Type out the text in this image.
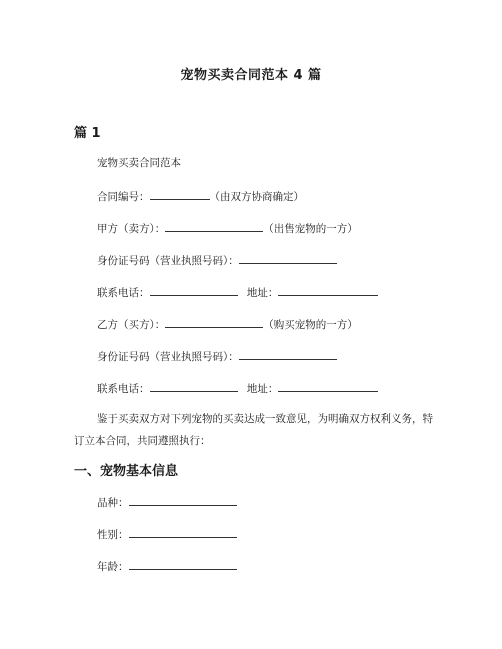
宠物买卖合同范本 4 篇
篇 1
宠物买卖合同范本
合同编号：	（由双方协商确定）
甲方（卖方）：	（出售宠物的一方）
身份证号码（营业执照号码）：
联系电话：	地址：
乙方（买方）：	（购买宠物的一方）
身份证号码（营业执照号码）：
联系电话：	地址：
鉴于买卖双方对下列宠物的买卖达成一致意见，为明确双方权利义务，特订立本合同，共同遵照执行：
一、宠物基本信息
品种：
性别：
年龄：
